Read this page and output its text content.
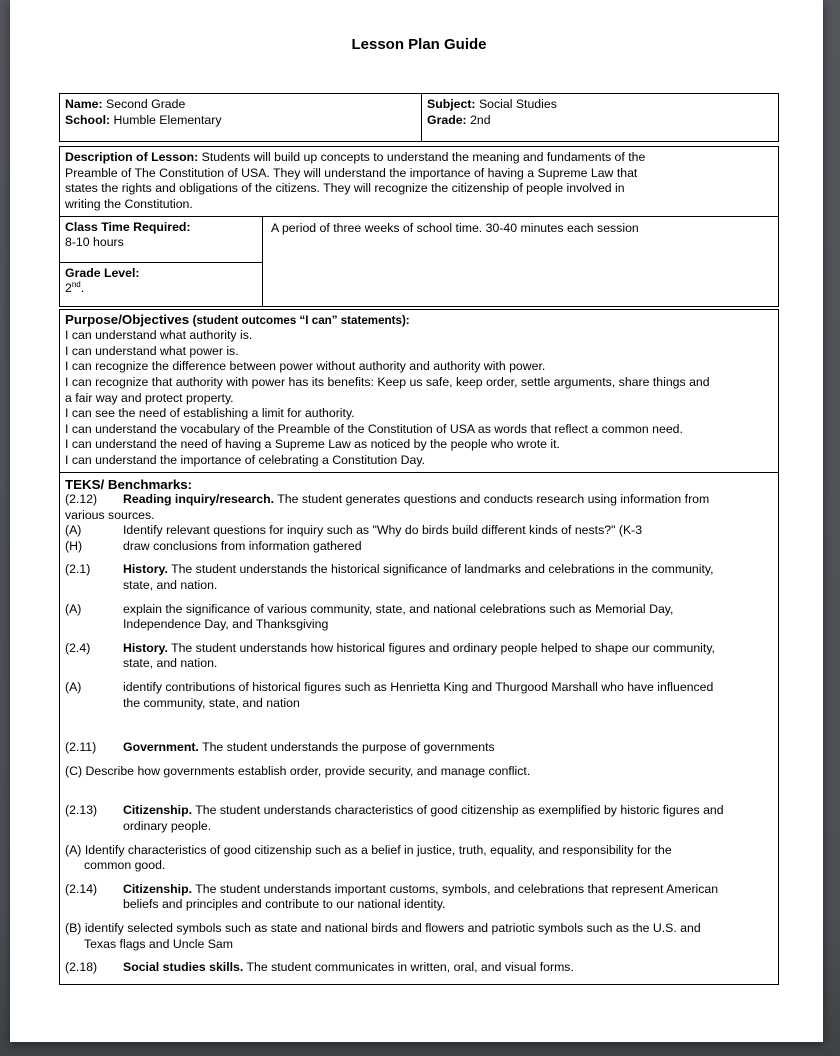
Lesson Plan Guide
Name: Second Grade
School: Humble Elementary
Subject: Social Studies
Grade: 2nd
Description of Lesson: Students will build up concepts to understand the meaning and fundaments of the
Preamble of The Constitution of USA. They will understand the importance of having a Supreme Law that
states the rights and obligations of the citizens. They will recognize the citizenship of people involved in
writing the Constitution.
Class Time Required:
8-10 hours
Grade Level:
2nd.
A period of three weeks of school time. 30-40 minutes each session
Purpose/Objectives (student outcomes “I can” statements):
I can understand what authority is.
I can understand what power is.
I can recognize the difference between power without authority and authority with power.
I can recognize that authority with power has its benefits: Keep us safe, keep order, settle arguments, share things and
a fair way and protect property.
I can see the need of establishing a limit for authority.
I can understand the vocabulary of the Preamble of the Constitution of USA as words that reflect a common need.
I can understand the need of having a Supreme Law as noticed by the people who wrote it.
I can understand the importance of celebrating a Constitution Day.
TEKS/ Benchmarks:
(2.12) Reading inquiry/research. The student generates questions and conducts research using information from
various sources.
(A)	Identify relevant questions for inquiry such as "Why do birds build different kinds of nests?" (K-3
(H)	draw conclusions from information gathered
(2.1)	History. The student understands the historical significance of landmarks and celebrations in the community,
state, and nation.
(A)	explain the significance of various community, state, and national celebrations such as Memorial Day,
Independence Day, and Thanksgiving
(2.4)	History. The student understands how historical figures and ordinary people helped to shape our community,
state, and nation.
(A)	identify contributions of historical figures such as Henrietta King and Thurgood Marshall who have influenced
the community, state, and nation
(2.11) Government. The student understands the purpose of governments
(C) Describe how governments establish order, provide security, and manage conflict.
(2.13) Citizenship. The student understands characteristics of good citizenship as exemplified by historic figures and
ordinary people.
(A) Identify characteristics of good citizenship such as a belief in justice, truth, equality, and responsibility for the
common good.
(2.14) Citizenship. The student understands important customs, symbols, and celebrations that represent American
beliefs and principles and contribute to our national identity.
(B) identify selected symbols such as state and national birds and flowers and patriotic symbols such as the U.S. and
Texas flags and Uncle Sam
(2.18) Social studies skills. The student communicates in written, oral, and visual forms.
